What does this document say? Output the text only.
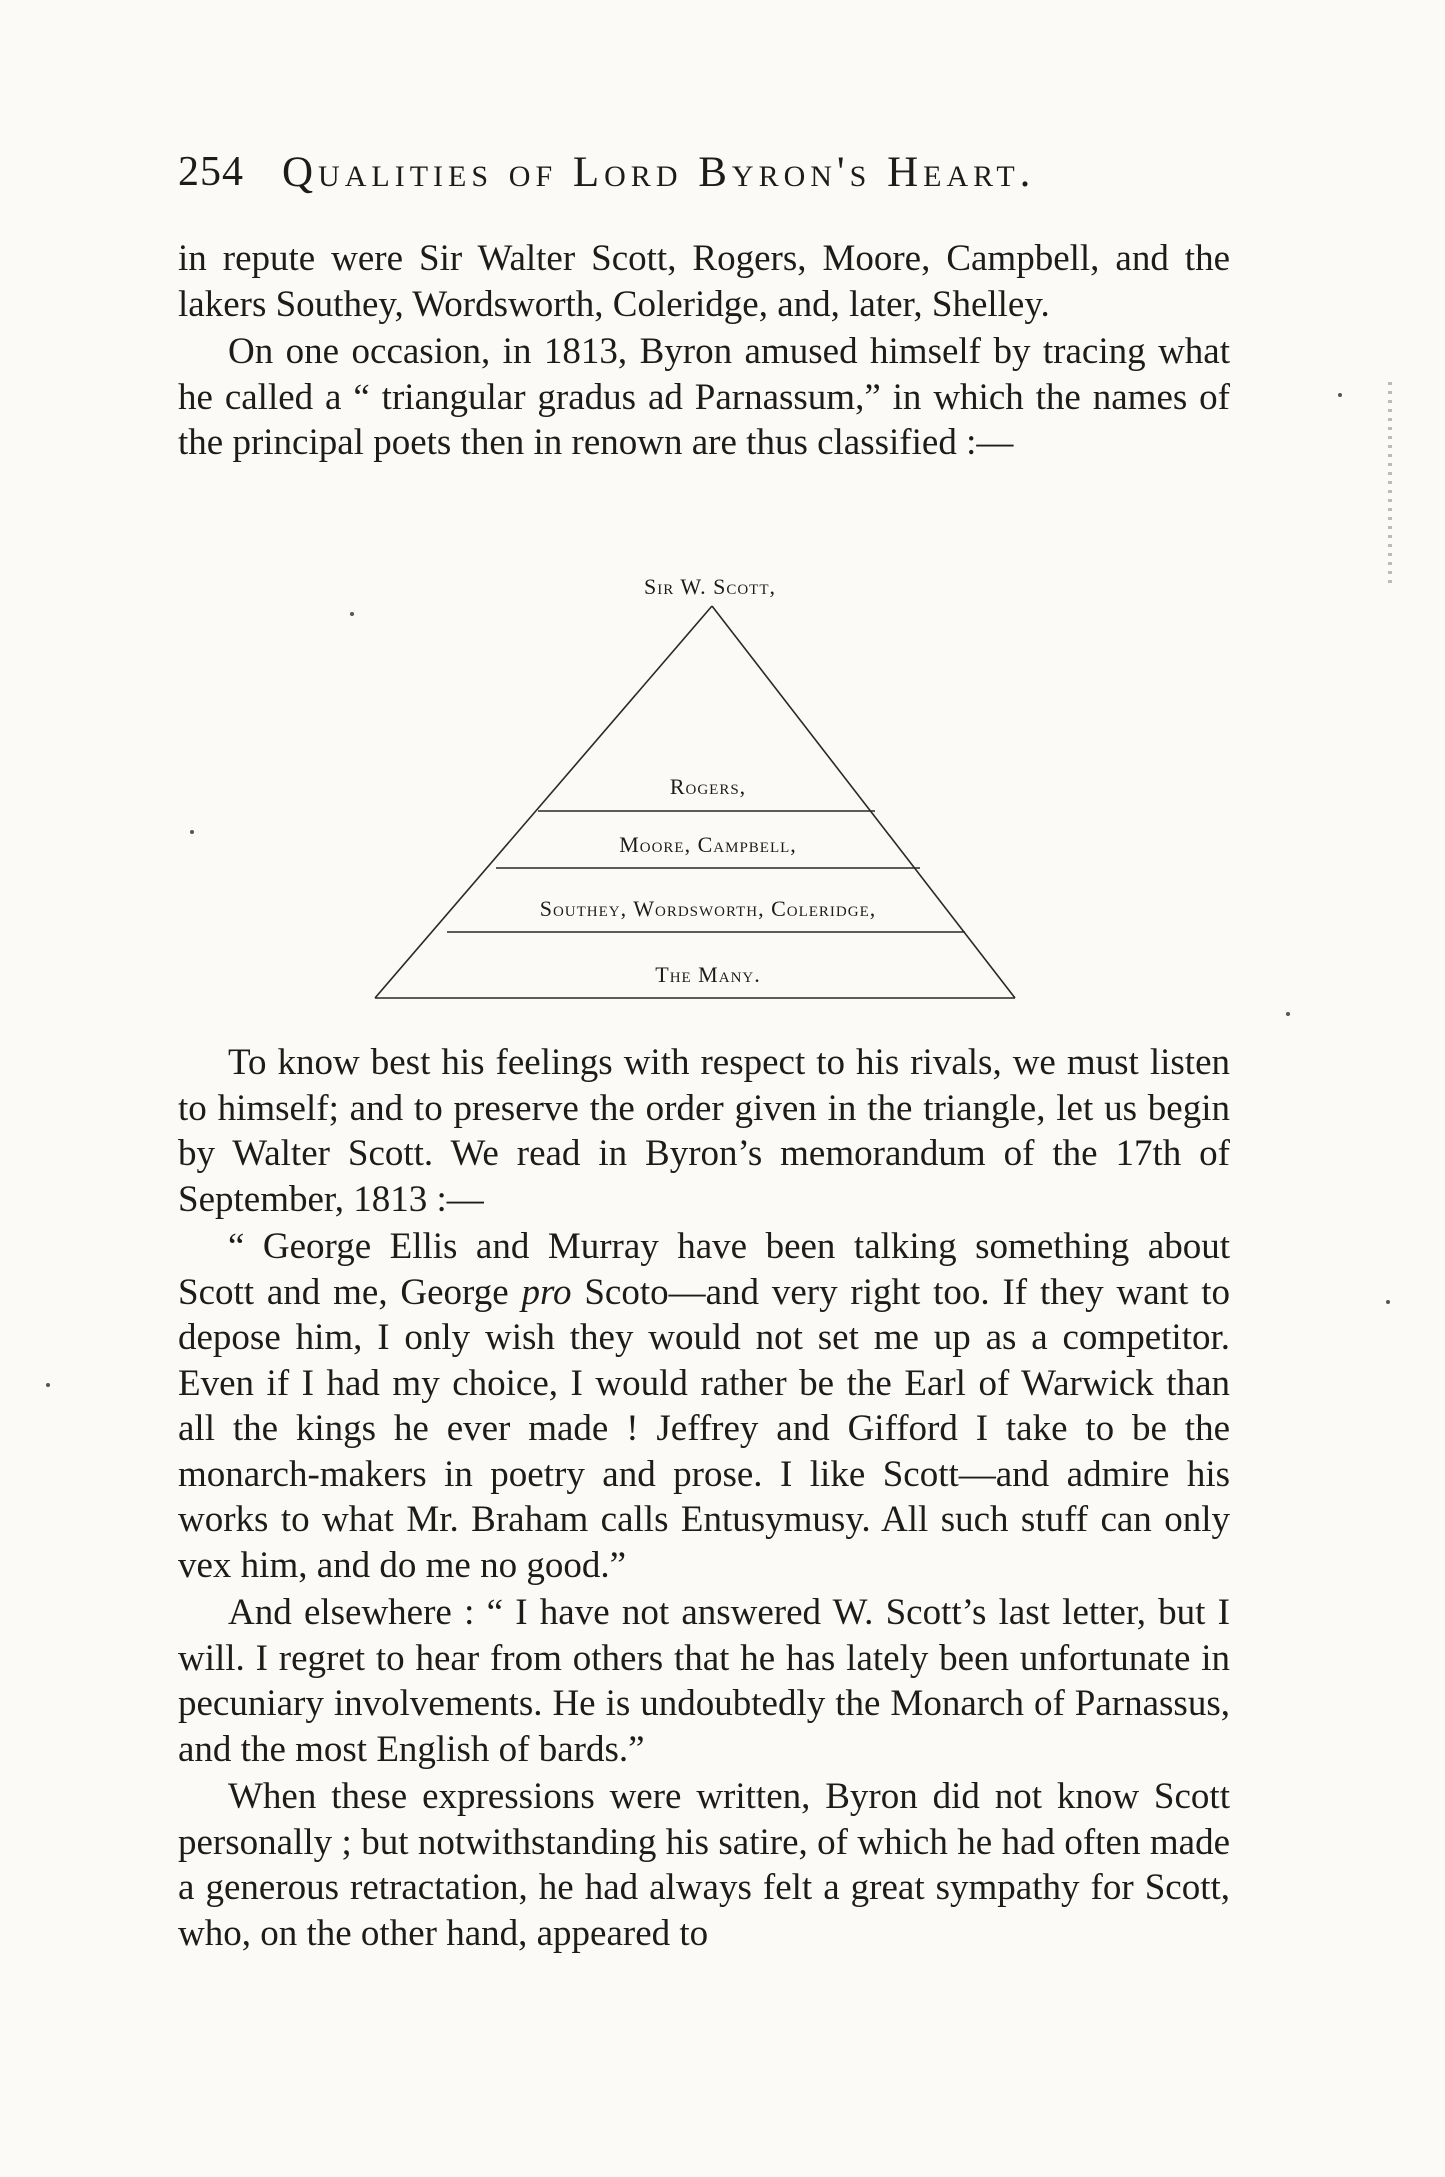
254 Qualities of Lord Byron's Heart.

in repute were Sir Walter Scott, Rogers, Moore, Campbell, and the lakers Southey, Wordsworth, Coleridge, and, later, Shelley.

On one occasion, in 1813, Byron amused himself by tracing what he called a “ triangular gradus ad Parnassum,” in which the names of the principal poets then in renown are thus classified :—

Sir W. Scott,
Rogers,
Moore, Campbell,
Southey, Wordsworth, Coleridge,
The Many.

To know best his feelings with respect to his rivals, we must listen to himself; and to preserve the order given in the triangle, let us begin by Walter Scott. We read in Byron’s memorandum of the 17th of September, 1813 :—

“ George Ellis and Murray have been talking something about Scott and me, George pro Scoto—and very right too. If they want to depose him, I only wish they would not set me up as a competitor. Even if I had my choice, I would rather be the Earl of Warwick than all the kings he ever made ! Jeffrey and Gifford I take to be the monarch-makers in poetry and prose. I like Scott—and admire his works to what Mr. Braham calls Entusymusy. All such stuff can only vex him, and do me no good.”

And elsewhere : “ I have not answered W. Scott’s last letter, but I will. I regret to hear from others that he has lately been unfortunate in pecuniary involvements. He is undoubtedly the Monarch of Parnassus, and the most English of bards.”

When these expressions were written, Byron did not know Scott personally ; but notwithstanding his satire, of which he had often made a generous retractation, he had always felt a great sympathy for Scott, who, on the other hand, appeared to
